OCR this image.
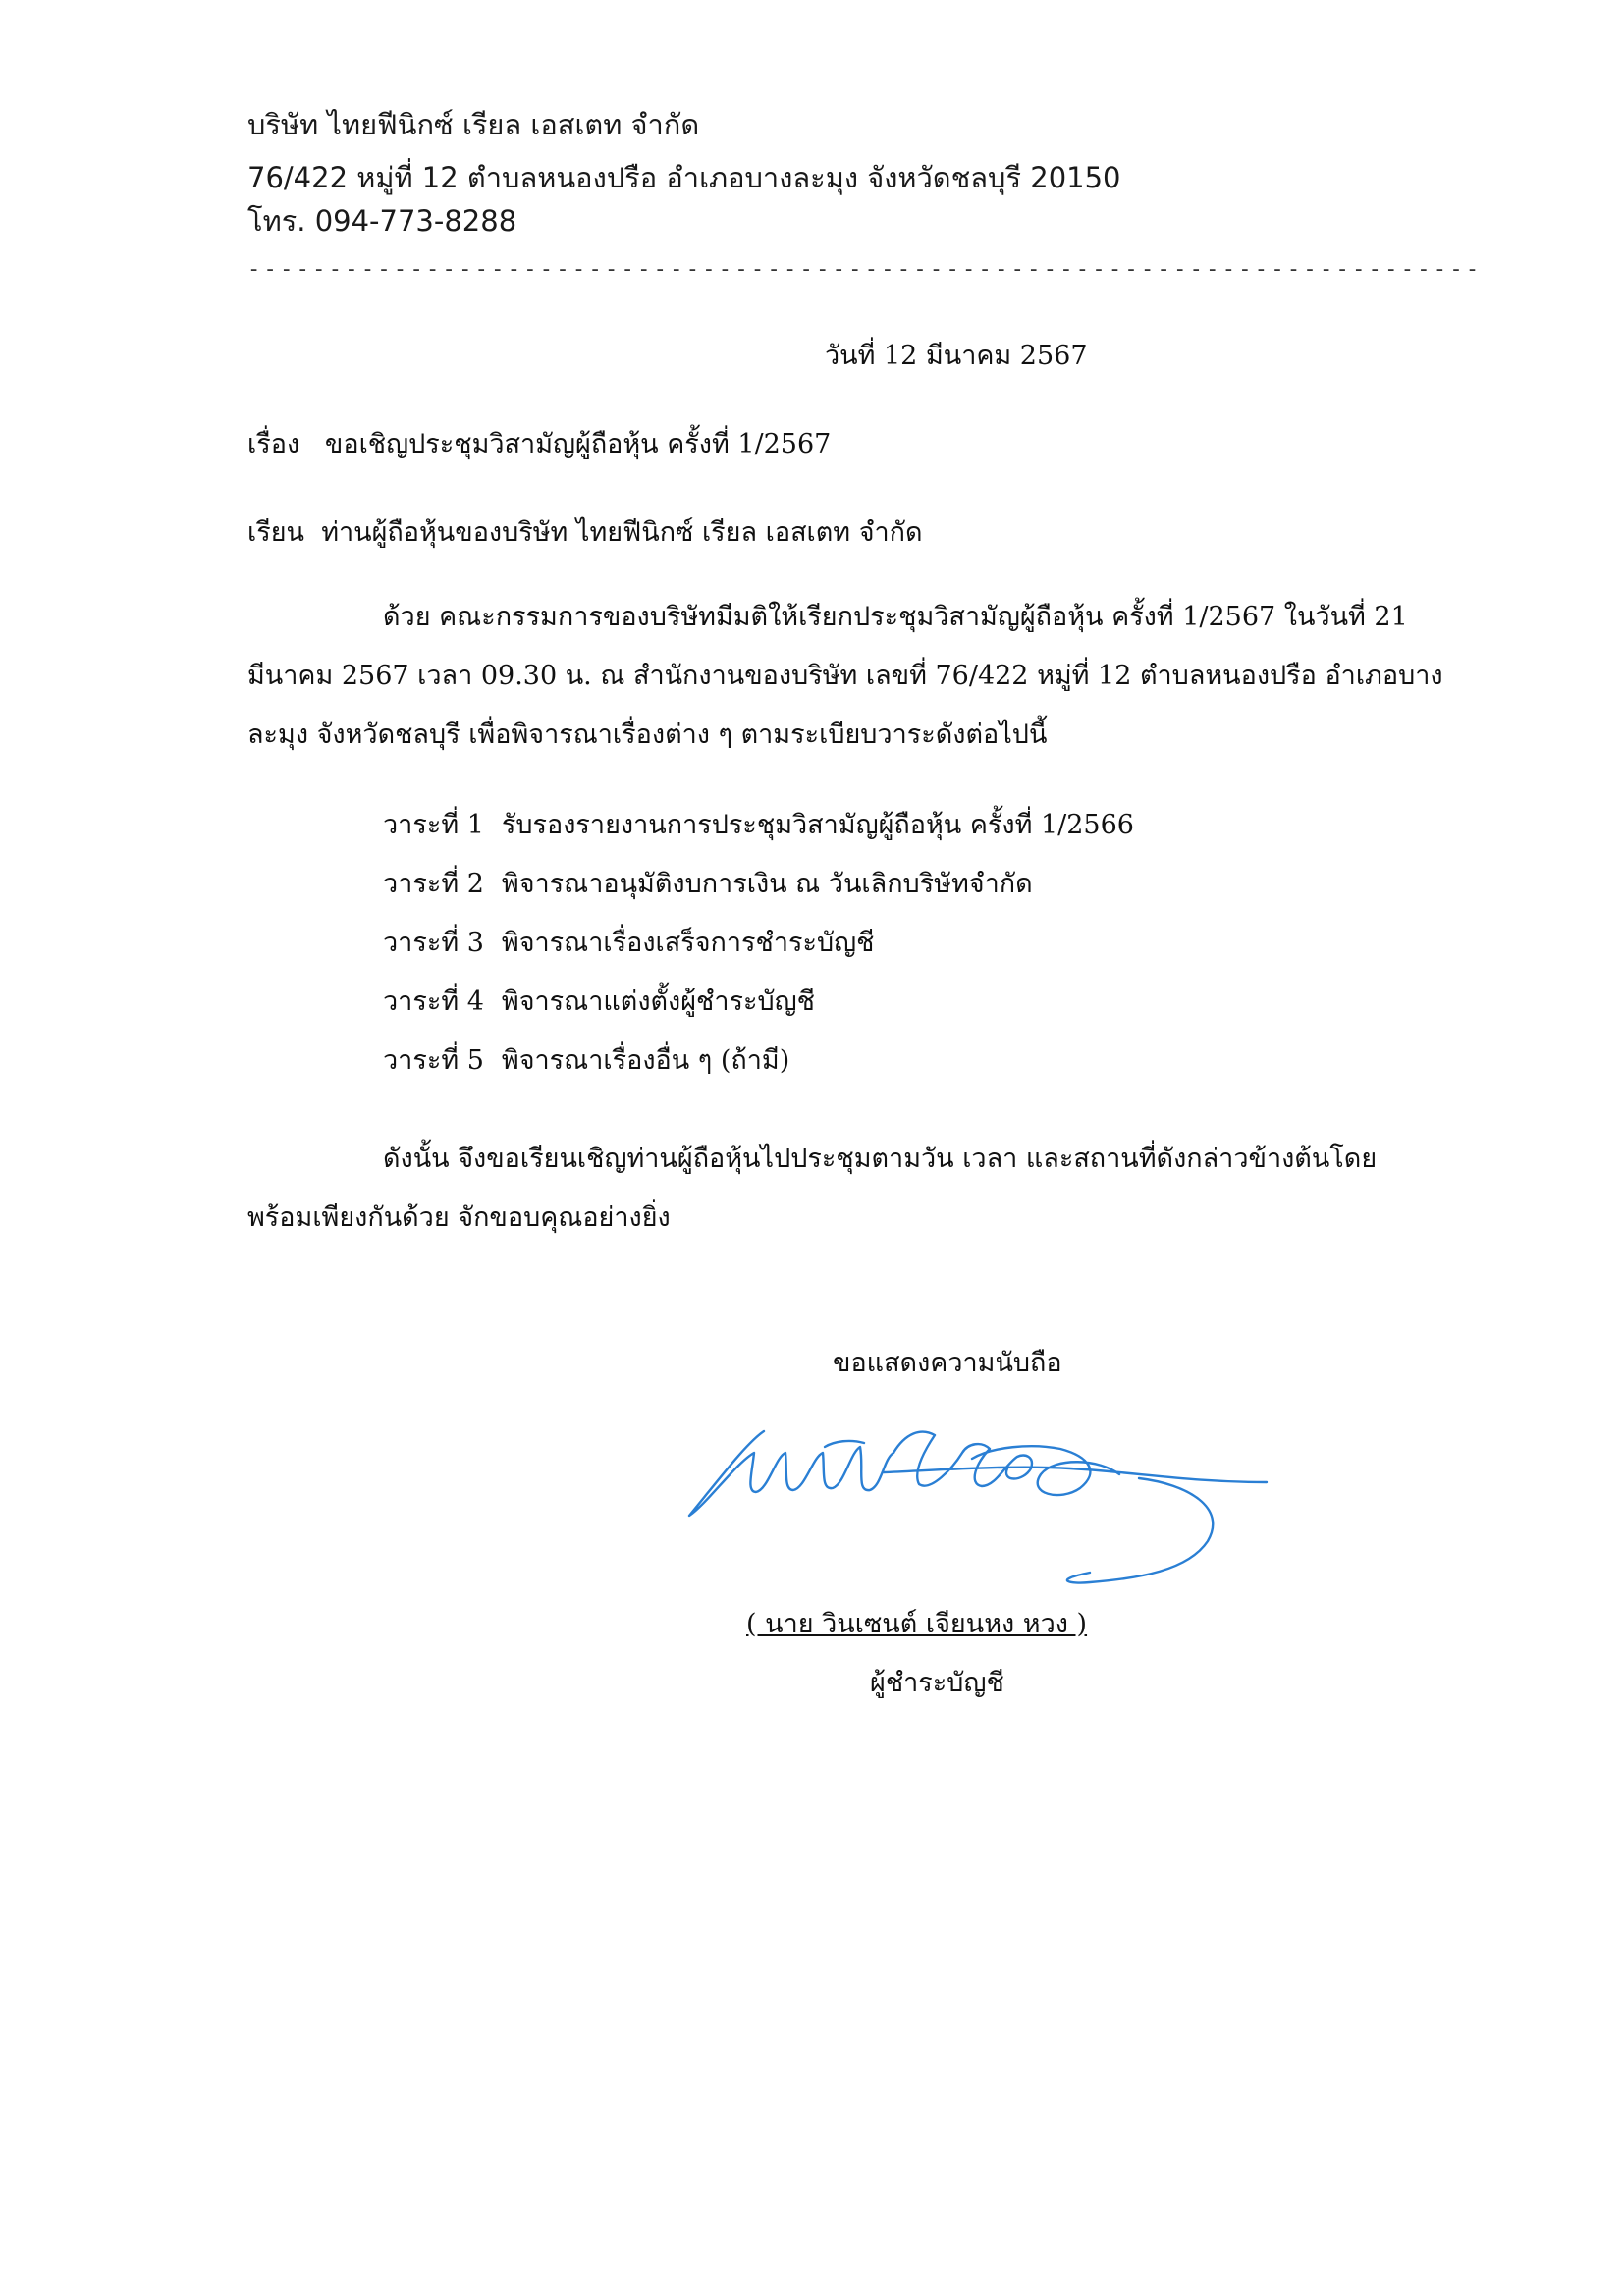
บริษัท ไทยฟีนิกซ์ เรียล เอสเตท จำกัด
76/422 หมู่ที่ 12 ตำบลหนองปรือ อำเภอบางละมุง จังหวัดชลบุรี 20150
โทร. 094-773-8288
----------------------------------------------------------------------------
วันที่ 12 มีนาคม 2567
เรื่อง ขอเชิญประชุมวิสามัญผู้ถือหุ้น ครั้งที่ 1/2567
เรียน ท่านผู้ถือหุ้นของบริษัท ไทยฟีนิกซ์ เรียล เอสเตท จำกัด
ด้วย คณะกรรมการของบริษัทมีมติให้เรียกประชุมวิสามัญผู้ถือหุ้น ครั้งที่ 1/2567 ในวันที่ 21
มีนาคม 2567 เวลา 09.30 น. ณ สำนักงานของบริษัท เลขที่ 76/422 หมู่ที่ 12 ตำบลหนองปรือ อำเภอบาง
ละมุง จังหวัดชลบุรี เพื่อพิจารณาเรื่องต่าง ๆ ตามระเบียบวาระดังต่อไปนี้
วาระที่ 1 รับรองรายงานการประชุมวิสามัญผู้ถือหุ้น ครั้งที่ 1/2566
วาระที่ 2 พิจารณาอนุมัติงบการเงิน ณ วันเลิกบริษัทจำกัด
วาระที่ 3 พิจารณาเรื่องเสร็จการชำระบัญชี
วาระที่ 4 พิจารณาแต่งตั้งผู้ชำระบัญชี
วาระที่ 5 พิจารณาเรื่องอื่น ๆ (ถ้ามี)
ดังนั้น จึงขอเรียนเชิญท่านผู้ถือหุ้นไปประชุมตามวัน เวลา และสถานที่ดังกล่าวข้างต้นโดย
พร้อมเพียงกันด้วย จักขอบคุณอย่างยิ่ง
ขอแสดงความนับถือ
( นาย วินเซนต์ เจียนหง หวง )
ผู้ชำระบัญชี
